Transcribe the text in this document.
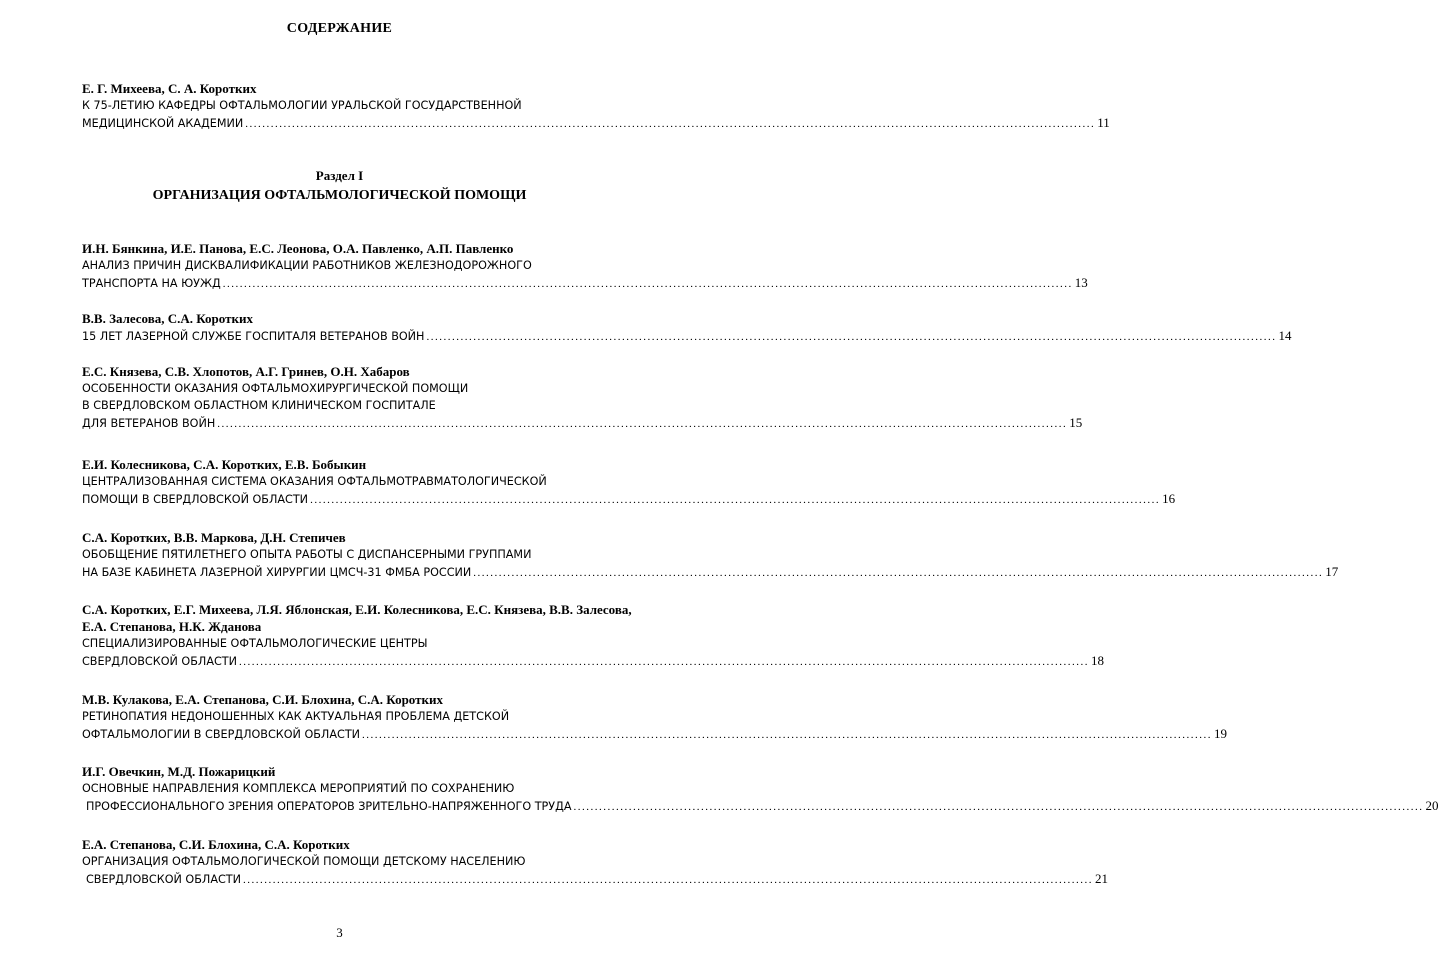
СОДЕРЖАНИЕ
Е. Г. Михеева, С. А. Коротких
К 75-ЛЕТИЮ КАФЕДРЫ ОФТАЛЬМОЛОГИИ УРАЛЬСКОЙ ГОСУДАРСТВЕННОЙ
МЕДИЦИНСКОЙ АКАДЕМИИ ........................................................................................................................................................................................................ 11
Раздел I
ОРГАНИЗАЦИЯ ОФТАЛЬМОЛОГИЧЕСКОЙ ПОМОЩИ
И.Н. Бянкина, И.Е. Панова, Е.С. Леонова, О.А. Павленко, А.П. Павленко
АНАЛИЗ ПРИЧИН ДИСКВАЛИФИКАЦИИ РАБОТНИКОВ ЖЕЛЕЗНОДОРОЖНОГО
ТРАНСПОРТА НА ЮУЖД ........................................................................................................................................................................................................ 13
В.В. Залесова, С.А. Коротких
15 ЛЕТ ЛАЗЕРНОЙ СЛУЖБЕ ГОСПИТАЛЯ ВЕТЕРАНОВ ВОЙН ........................................................................................................................................................................................................ 14
Е.С. Князева, С.В. Хлопотов, А.Г. Гринев, О.Н. Хабаров
ОСОБЕННОСТИ ОКАЗАНИЯ ОФТАЛЬМОХИРУРГИЧЕСКОЙ ПОМОЩИ
В СВЕРДЛОВСКОМ ОБЛАСТНОМ КЛИНИЧЕСКОМ ГОСПИТАЛЕ
ДЛЯ ВЕТЕРАНОВ ВОЙН ........................................................................................................................................................................................................ 15
Е.И. Колесникова, С.А. Коротких, Е.В. Бобыкин
ЦЕНТРАЛИЗОВАННАЯ СИСТЕМА ОКАЗАНИЯ ОФТАЛЬМОТРАВМАТОЛОГИЧЕСКОЙ
ПОМОЩИ В СВЕРДЛОВСКОЙ ОБЛАСТИ ........................................................................................................................................................................................................ 16
С.А. Коротких, В.В. Маркова, Д.Н. Степичев
ОБОБЩЕНИЕ ПЯТИЛЕТНЕГО ОПЫТА РАБОТЫ С ДИСПАНСЕРНЫМИ ГРУППАМИ
НА БАЗЕ КАБИНЕТА ЛАЗЕРНОЙ ХИРУРГИИ ЦМСЧ-31 ФМБА РОССИИ ........................................................................................................................................................................................................ 17
С.А. Коротких, Е.Г. Михеева, Л.Я. Яблонская, Е.И. Колесникова, Е.С. Князева, В.В. Залесова, Е.А. Степанова, Н.К. Жданова
СПЕЦИАЛИЗИРОВАННЫЕ ОФТАЛЬМОЛОГИЧЕСКИЕ ЦЕНТРЫ
СВЕРДЛОВСКОЙ ОБЛАСТИ ........................................................................................................................................................................................................ 18
М.В. Кулакова, Е.А. Степанова, С.И. Блохина, С.А. Коротких
РЕТИНОПАТИЯ НЕДОНОШЕННЫХ КАК АКТУАЛЬНАЯ ПРОБЛЕМА ДЕТСКОЙ
ОФТАЛЬМОЛОГИИ В СВЕРДЛОВСКОЙ ОБЛАСТИ ........................................................................................................................................................................................................ 19
И.Г. Овечкин, М.Д. Пожарицкий
ОСНОВНЫЕ НАПРАВЛЕНИЯ КОМПЛЕКСА МЕРОПРИЯТИЙ ПО СОХРАНЕНИЮ
ПРОФЕССИОНАЛЬНОГО ЗРЕНИЯ ОПЕРАТОРОВ ЗРИТЕЛЬНО-НАПРЯЖЕННОГО ТРУДА ........................................................................................................................................................................................................ 20
Е.А. Степанова, С.И. Блохина, С.А. Коротких
ОРГАНИЗАЦИЯ ОФТАЛЬМОЛОГИЧЕСКОЙ ПОМОЩИ ДЕТСКОМУ НАСЕЛЕНИЮ
СВЕРДЛОВСКОЙ ОБЛАСТИ ........................................................................................................................................................................................................ 21
3
